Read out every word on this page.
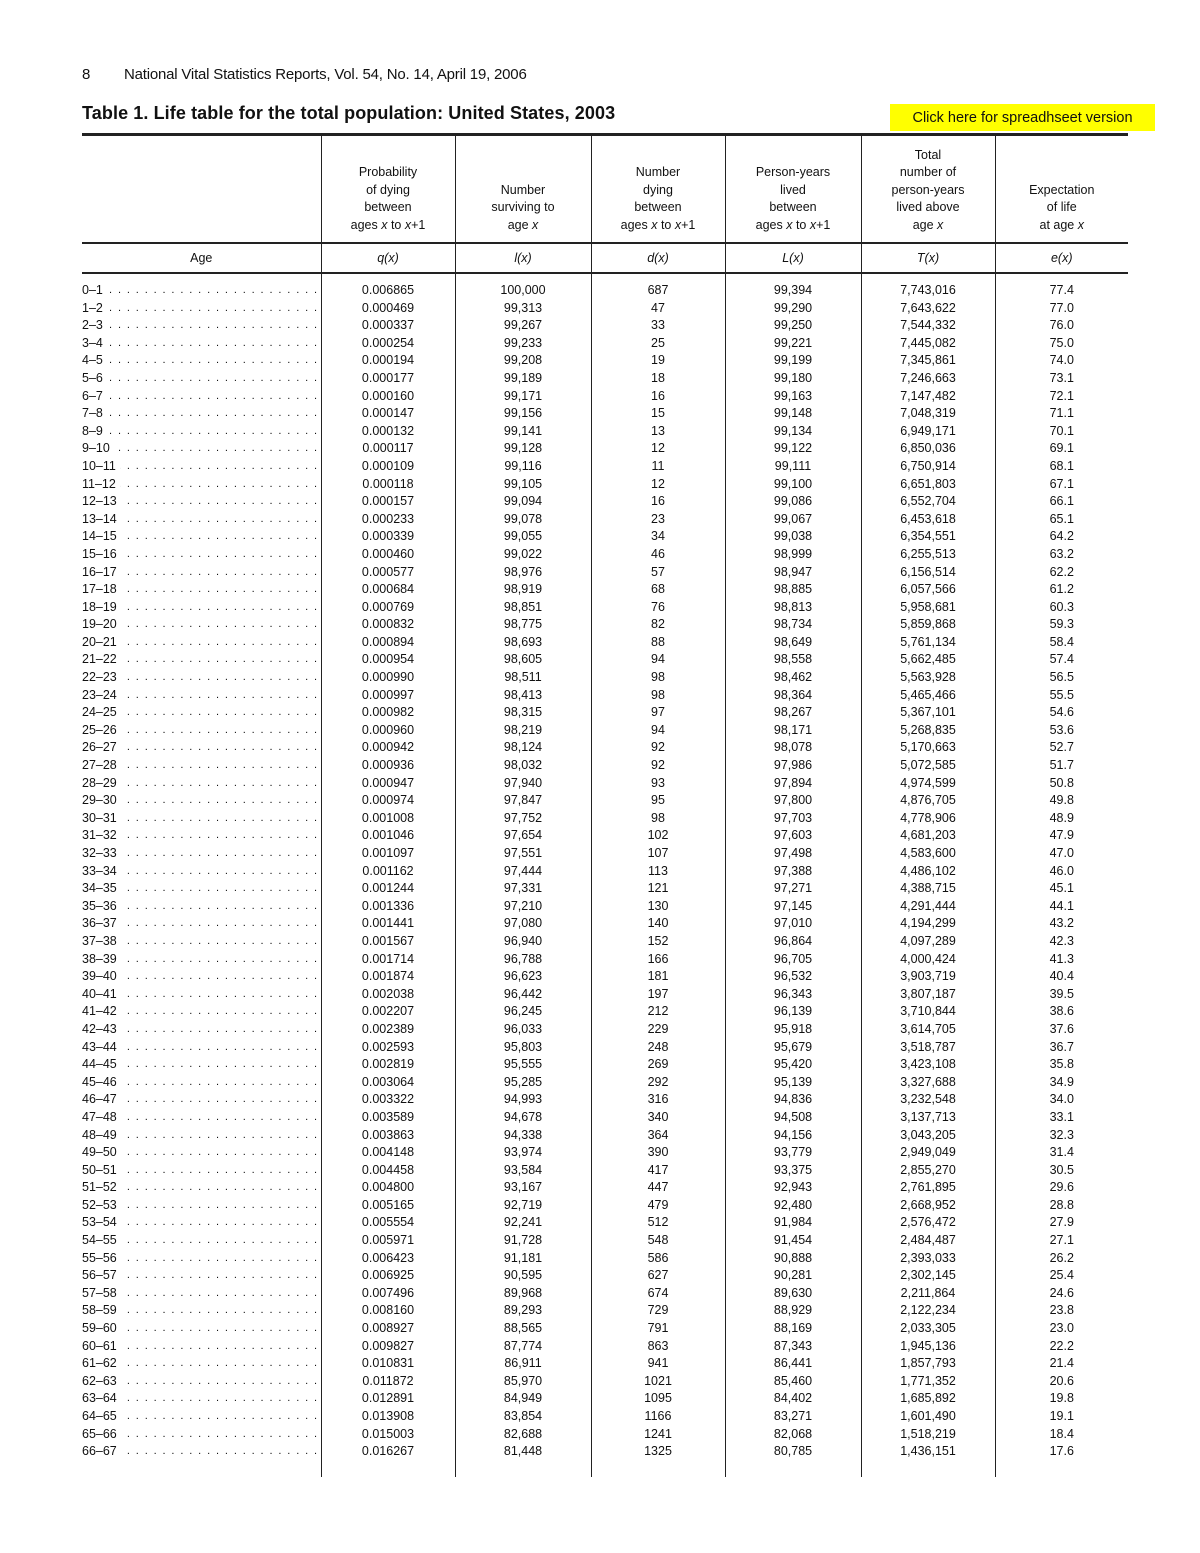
8 National Vital Statistics Reports, Vol. 54, No. 14, April 19, 2006
Table 1. Life table for the total population: United States, 2003	Click here for spreadhseet version
	Probability
of dying
between
ages x to x+1	Number
surviving to
age x	Number
dying
between
ages x to x+1	Person-years
lived
between
ages x to x+1	Total
number of
person-years
lived above
age x	Expectation
of life
at age x
Age	q(x)	l(x)	d(x)	L(x)	T(x)	e(x)
0–1 . . .	0.006865	100,000	687	99,394	7,743,016	77.4
1–2 . . .	0.000469	99,313	47	99,290	7,643,622	77.0
2–3 . . .	0.000337	99,267	33	99,250	7,544,332	76.0
3–4 . . .	0.000254	99,233	25	99,221	7,445,082	75.0
4–5 . . .	0.000194	99,208	19	99,199	7,345,861	74.0
5–6 . . .	0.000177	99,189	18	99,180	7,246,663	73.1
6–7 . . .	0.000160	99,171	16	99,163	7,147,482	72.1
7–8 . . .	0.000147	99,156	15	99,148	7,048,319	71.1
8–9 . . .	0.000132	99,141	13	99,134	6,949,171	70.1
9–10 . . .	0.000117	99,128	12	99,122	6,850,036	69.1
10–11 . . .	0.000109	99,116	11	99,111	6,750,914	68.1
11–12 . . .	0.000118	99,105	12	99,100	6,651,803	67.1
12–13 . . .	0.000157	99,094	16	99,086	6,552,704	66.1
13–14 . . .	0.000233	99,078	23	99,067	6,453,618	65.1
14–15 . . .	0.000339	99,055	34	99,038	6,354,551	64.2
15–16 . . .	0.000460	99,022	46	98,999	6,255,513	63.2
16–17 . . .	0.000577	98,976	57	98,947	6,156,514	62.2
17–18 . . .	0.000684	98,919	68	98,885	6,057,566	61.2
18–19 . . .	0.000769	98,851	76	98,813	5,958,681	60.3
19–20 . . .	0.000832	98,775	82	98,734	5,859,868	59.3
20–21 . . .	0.000894	98,693	88	98,649	5,761,134	58.4
21–22 . . .	0.000954	98,605	94	98,558	5,662,485	57.4
22–23 . . .	0.000990	98,511	98	98,462	5,563,928	56.5
23–24 . . .	0.000997	98,413	98	98,364	5,465,466	55.5
24–25 . . .	0.000982	98,315	97	98,267	5,367,101	54.6
25–26 . . .	0.000960	98,219	94	98,171	5,268,835	53.6
26–27 . . .	0.000942	98,124	92	98,078	5,170,663	52.7
27–28 . . .	0.000936	98,032	92	97,986	5,072,585	51.7
28–29 . . .	0.000947	97,940	93	97,894	4,974,599	50.8
29–30 . . .	0.000974	97,847	95	97,800	4,876,705	49.8
30–31 . . .	0.001008	97,752	98	97,703	4,778,906	48.9
31–32 . . .	0.001046	97,654	102	97,603	4,681,203	47.9
32–33 . . .	0.001097	97,551	107	97,498	4,583,600	47.0
33–34 . . .	0.001162	97,444	113	97,388	4,486,102	46.0
34–35 . . .	0.001244	97,331	121	97,271	4,388,715	45.1
35–36 . . .	0.001336	97,210	130	97,145	4,291,444	44.1
36–37 . . .	0.001441	97,080	140	97,010	4,194,299	43.2
37–38 . . .	0.001567	96,940	152	96,864	4,097,289	42.3
38–39 . . .	0.001714	96,788	166	96,705	4,000,424	41.3
39–40 . . .	0.001874	96,623	181	96,532	3,903,719	40.4
40–41 . . .	0.002038	96,442	197	96,343	3,807,187	39.5
41–42 . . .	0.002207	96,245	212	96,139	3,710,844	38.6
42–43 . . .	0.002389	96,033	229	95,918	3,614,705	37.6
43–44 . . .	0.002593	95,803	248	95,679	3,518,787	36.7
44–45 . . .	0.002819	95,555	269	95,420	3,423,108	35.8
45–46 . . .	0.003064	95,285	292	95,139	3,327,688	34.9
46–47 . . .	0.003322	94,993	316	94,836	3,232,548	34.0
47–48 . . .	0.003589	94,678	340	94,508	3,137,713	33.1
48–49 . . .	0.003863	94,338	364	94,156	3,043,205	32.3
49–50 . . .	0.004148	93,974	390	93,779	2,949,049	31.4
50–51 . . .	0.004458	93,584	417	93,375	2,855,270	30.5
51–52 . . .	0.004800	93,167	447	92,943	2,761,895	29.6
52–53 . . .	0.005165	92,719	479	92,480	2,668,952	28.8
53–54 . . .	0.005554	92,241	512	91,984	2,576,472	27.9
54–55 . . .	0.005971	91,728	548	91,454	2,484,487	27.1
55–56 . . .	0.006423	91,181	586	90,888	2,393,033	26.2
56–57 . . .	0.006925	90,595	627	90,281	2,302,145	25.4
57–58 . . .	0.007496	89,968	674	89,630	2,211,864	24.6
58–59 . . .	0.008160	89,293	729	88,929	2,122,234	23.8
59–60 . . .	0.008927	88,565	791	88,169	2,033,305	23.0
60–61 . . .	0.009827	87,774	863	87,343	1,945,136	22.2
61–62 . . .	0.010831	86,911	941	86,441	1,857,793	21.4
62–63 . . .	0.011872	85,970	1021	85,460	1,771,352	20.6
63–64 . . .	0.012891	84,949	1095	84,402	1,685,892	19.8
64–65 . . .	0.013908	83,854	1166	83,271	1,601,490	19.1
65–66 . . .	0.015003	82,688	1241	82,068	1,518,219	18.4
66–67 . . .	0.016267	81,448	1325	80,785	1,436,151	17.6
